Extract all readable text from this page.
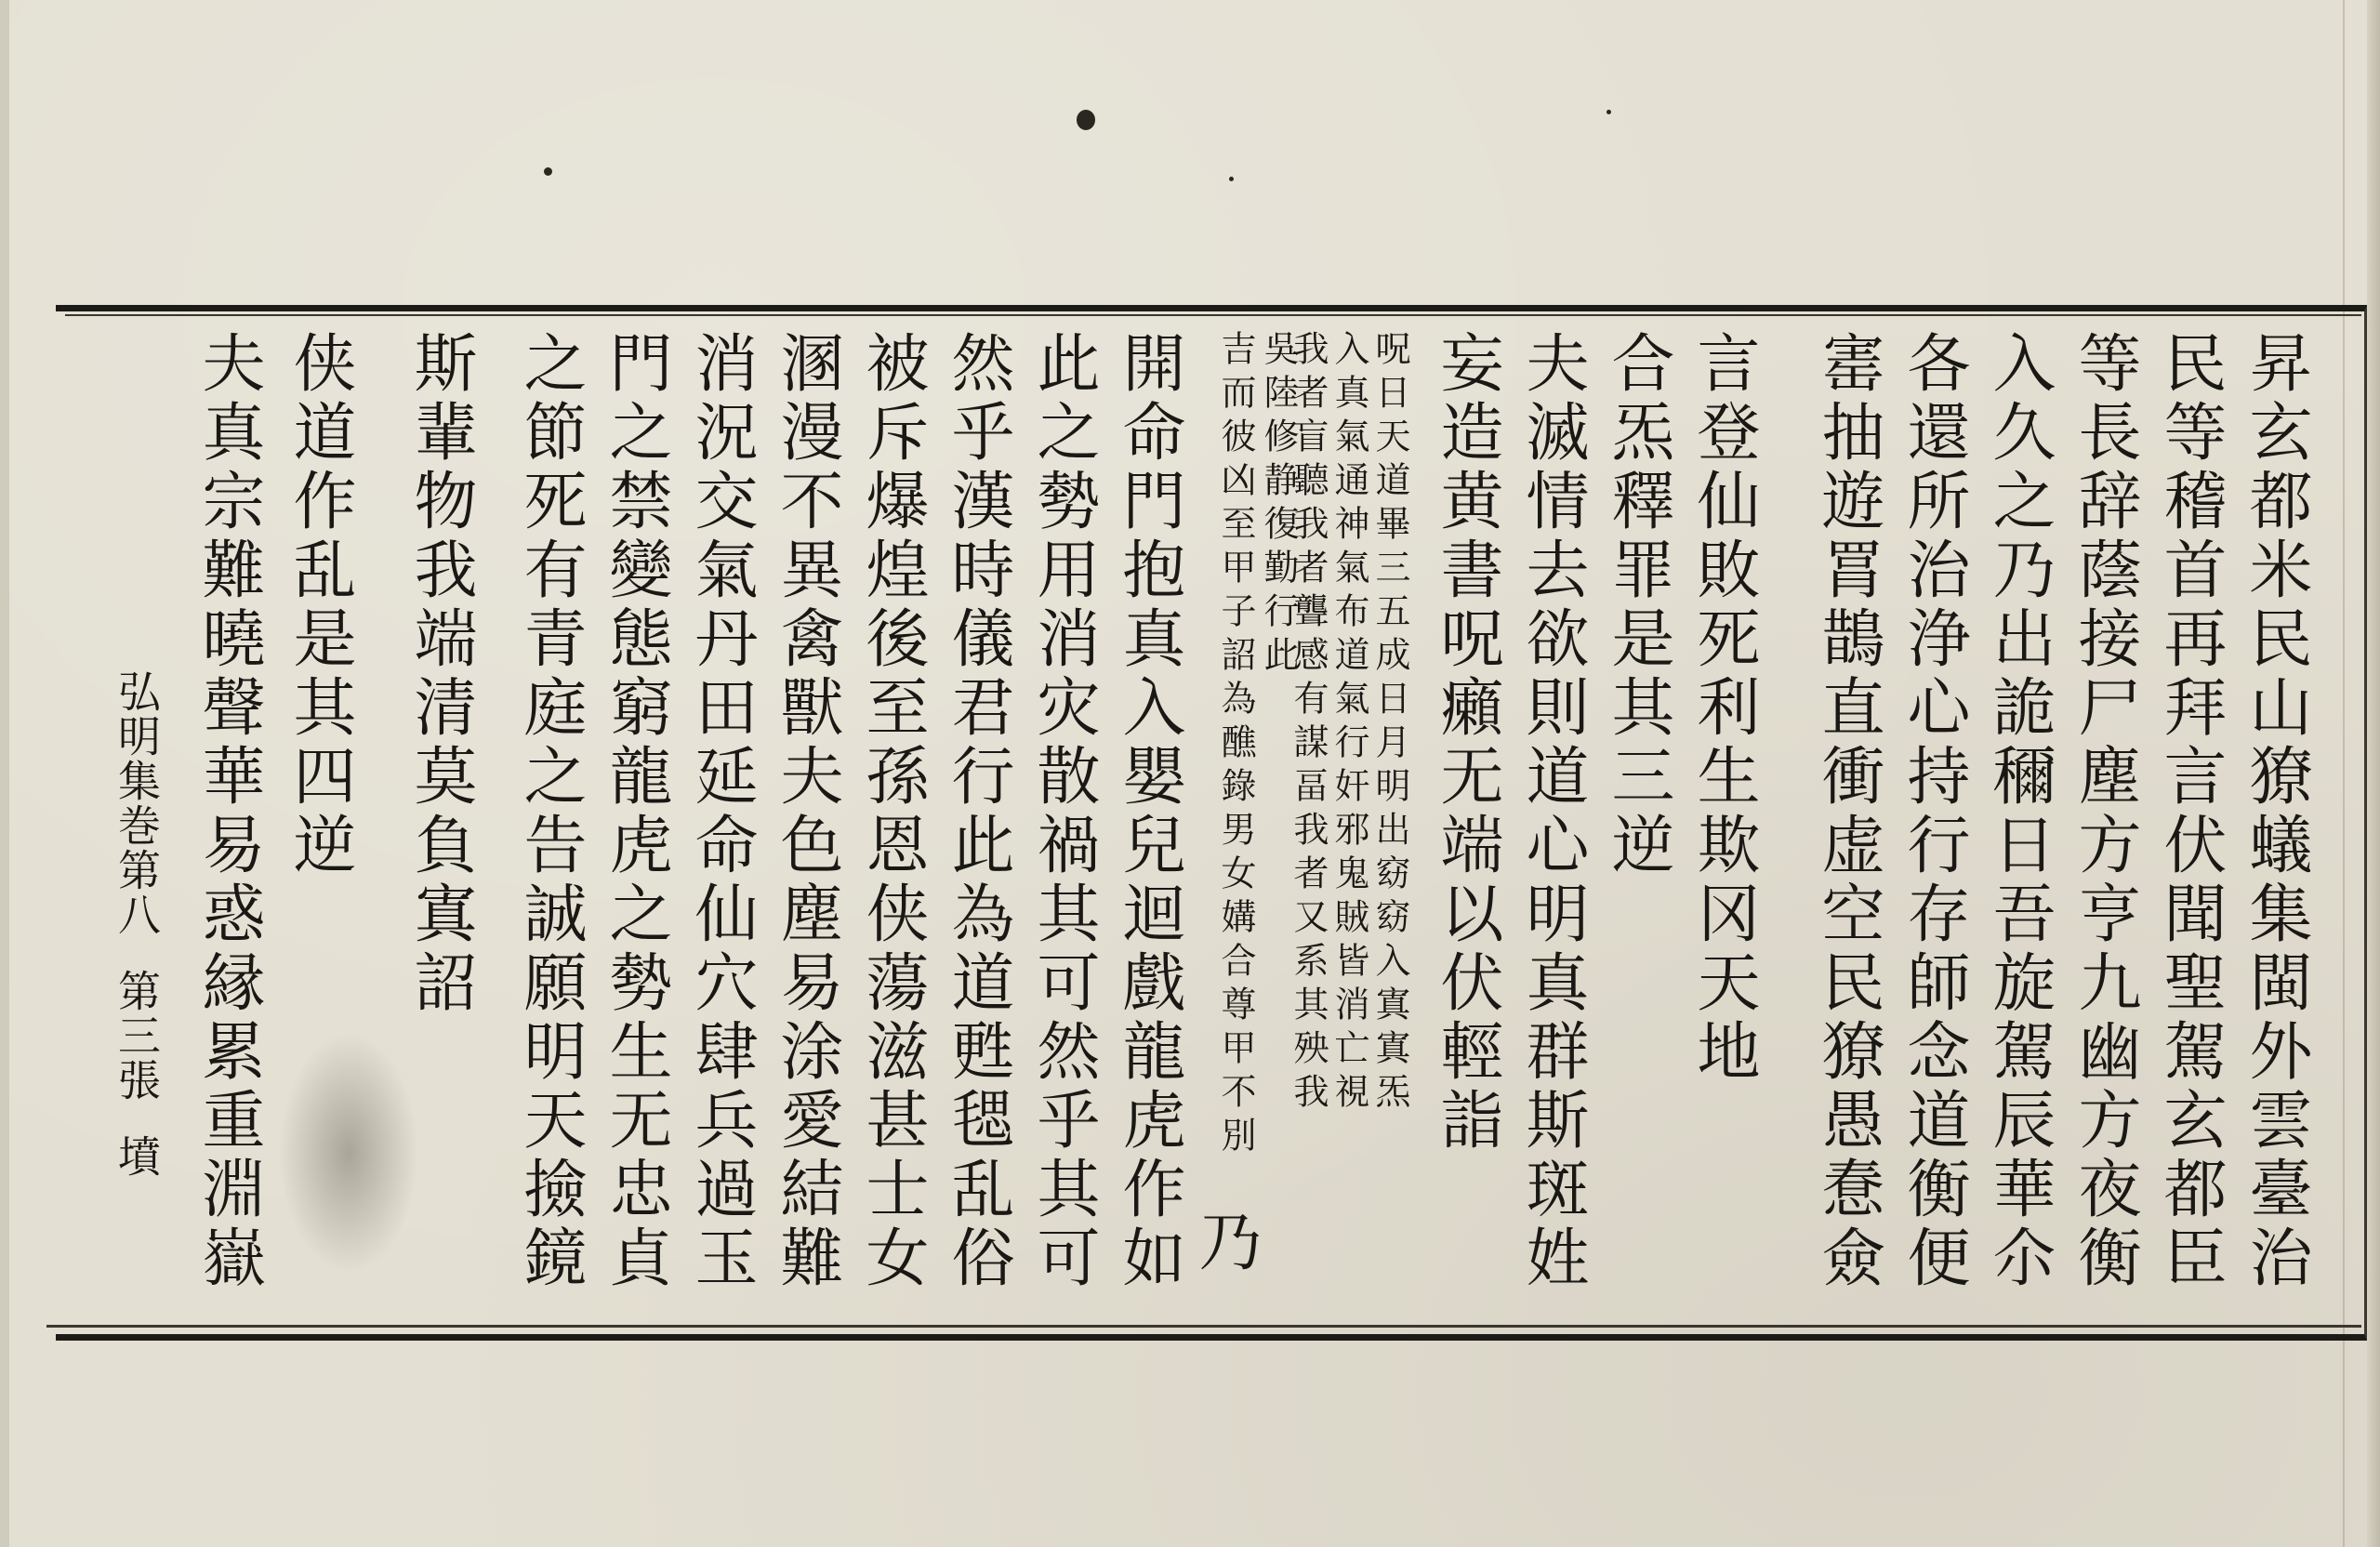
昇玄都米民山獠蟻集閩外雲臺治
民等稽首再拜言伏聞聖駕玄都臣
等長辞蔭接尸塵方亨九幽方夜衡
入久之乃出詭穪日吾旋駕辰華尒
各還所治浄心持行存師念道衡便
寚抽遊罥鵲直衝虚空民獠愚惷僉
言登仙敗死利生欺冈天地
合炁釋罪是其三逆
夫滅情去欲則道心明真群斯斑姓
妄造黄書呪癩无端以伏輕詣
呪日天道畢三五成日月明出窈窈入寘寘炁
入真氣通神氣布道氣行奸邪鬼賊皆消亡視
我者盲聽我者聾感有謀畐我者又系其殃我
吉而彼凶至甲子詔為醮錄男女媾合尊甲不別 吳陸修静復勤行此
乃
開命門抱真入嬰兒迴戲龍虎作如
此之勢用消灾散禍其可然乎其可
然乎漢時儀君行此為道甦毸乱俗
被斥爆煌後至孫恩侠蕩滋甚士女
溷漫不異禽獸夫色塵易涂愛結難
消況交氣丹田延命仙穴肆兵過玉
門之禁變態窮龍虎之勢生无忠貞
之節死有青庭之告誠願明天撿鏡
斯輩物我端清莫負寘詔
侠道作乱是其四逆
夫真宗難曉聲華易惑縁累重淵嶽
弘明集巻第八第三張墳
